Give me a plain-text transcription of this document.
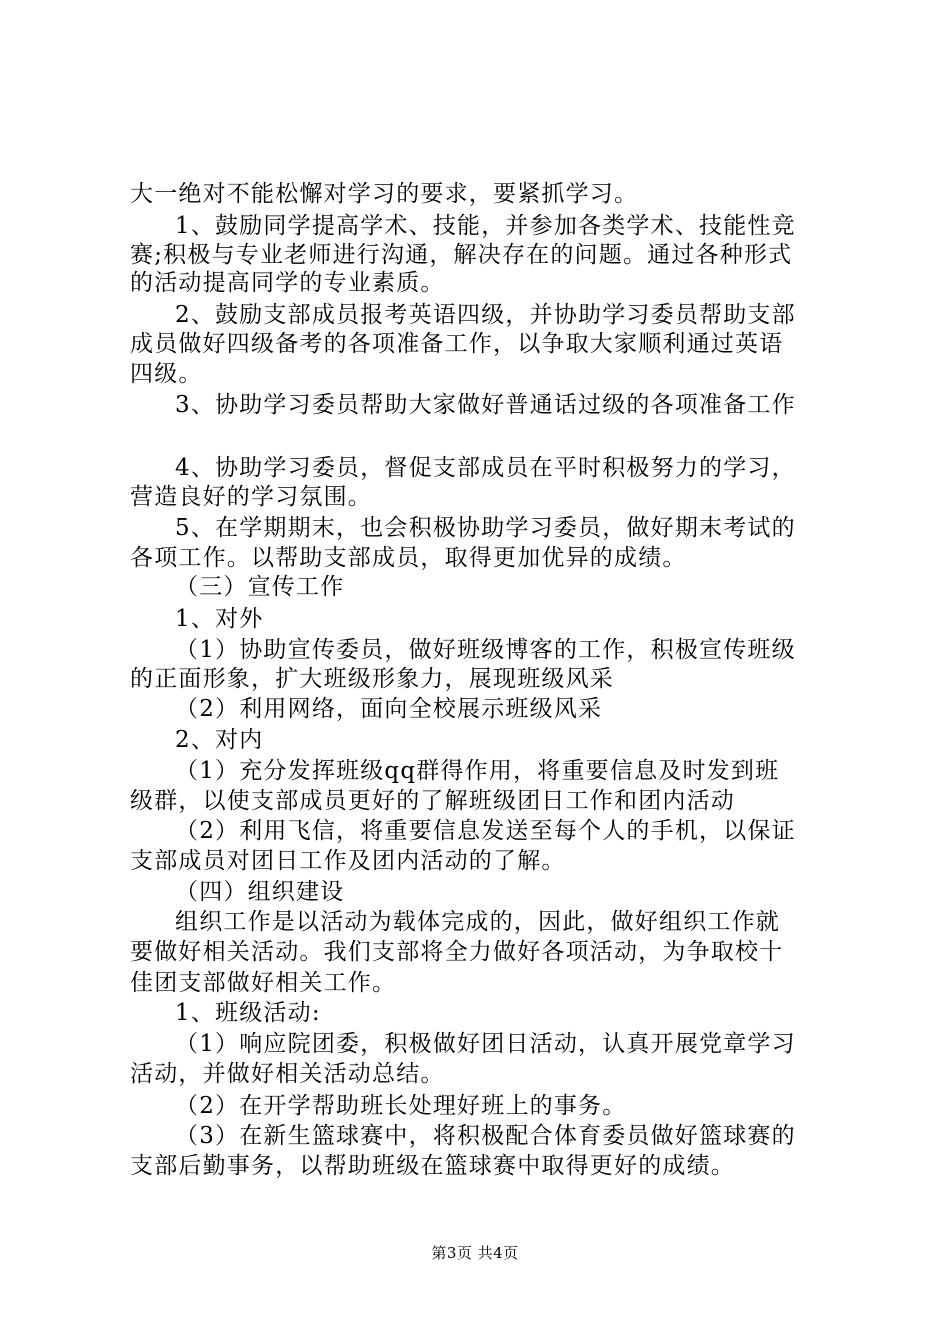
大一绝对不能松懈对学习的要求，要紧抓学习。
1、鼓励同学提高学术、技能，并参加各类学术、技能性竞
赛;积极与专业老师进行沟通，解决存在的问题。通过各种形式
的活动提高同学的专业素质。
2、鼓励支部成员报考英语四级，并协助学习委员帮助支部
成员做好四级备考的各项准备工作，以争取大家顺利通过英语
四级。
3、协助学习委员帮助大家做好普通话过级的各项准备工作
4、协助学习委员，督促支部成员在平时积极努力的学习，
营造良好的学习氛围。
5、在学期期末，也会积极协助学习委员，做好期末考试的
各项工作。以帮助支部成员，取得更加优异的成绩。
（三）宣传工作
1、对外
（1）协助宣传委员，做好班级博客的工作，积极宣传班级
的正面形象，扩大班级形象力，展现班级风采
（2）利用网络，面向全校展示班级风采
2、对内
（1）充分发挥班级qq群得作用，将重要信息及时发到班
级群，以使支部成员更好的了解班级团日工作和团内活动
（2）利用飞信，将重要信息发送至每个人的手机，以保证
支部成员对团日工作及团内活动的了解。
（四）组织建设
组织工作是以活动为载体完成的，因此，做好组织工作就
要做好相关活动。我们支部将全力做好各项活动，为争取校十
佳团支部做好相关工作。
1、班级活动:
（1）响应院团委，积极做好团日活动，认真开展党章学习
活动，并做好相关活动总结。
（2）在开学帮助班长处理好班上的事务。
（3）在新生篮球赛中，将积极配合体育委员做好篮球赛的
支部后勤事务，以帮助班级在篮球赛中取得更好的成绩。
第3页 共4页
